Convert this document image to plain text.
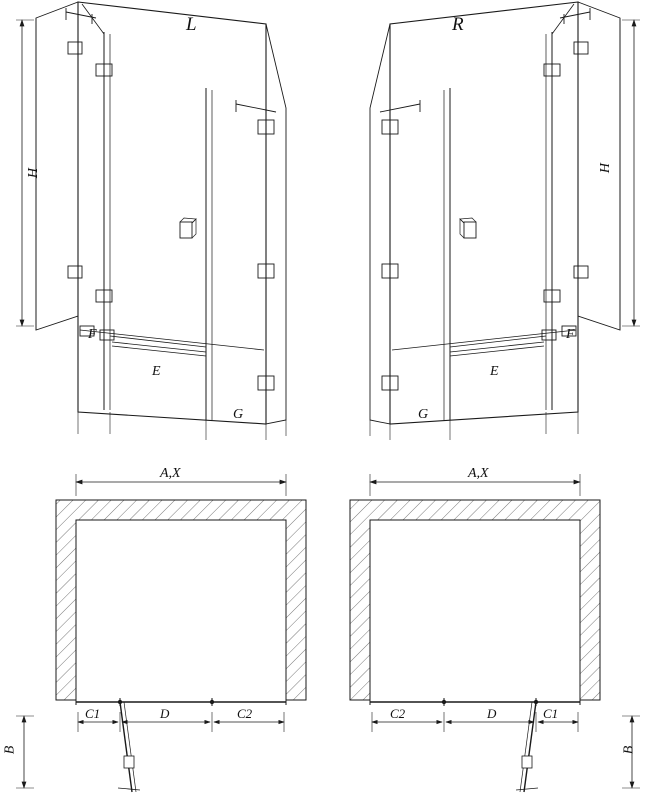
L	R
H	H
F
E
G
F
E
G
A,X	A,X
B	B
C1	D	C2	C2	D	C1
